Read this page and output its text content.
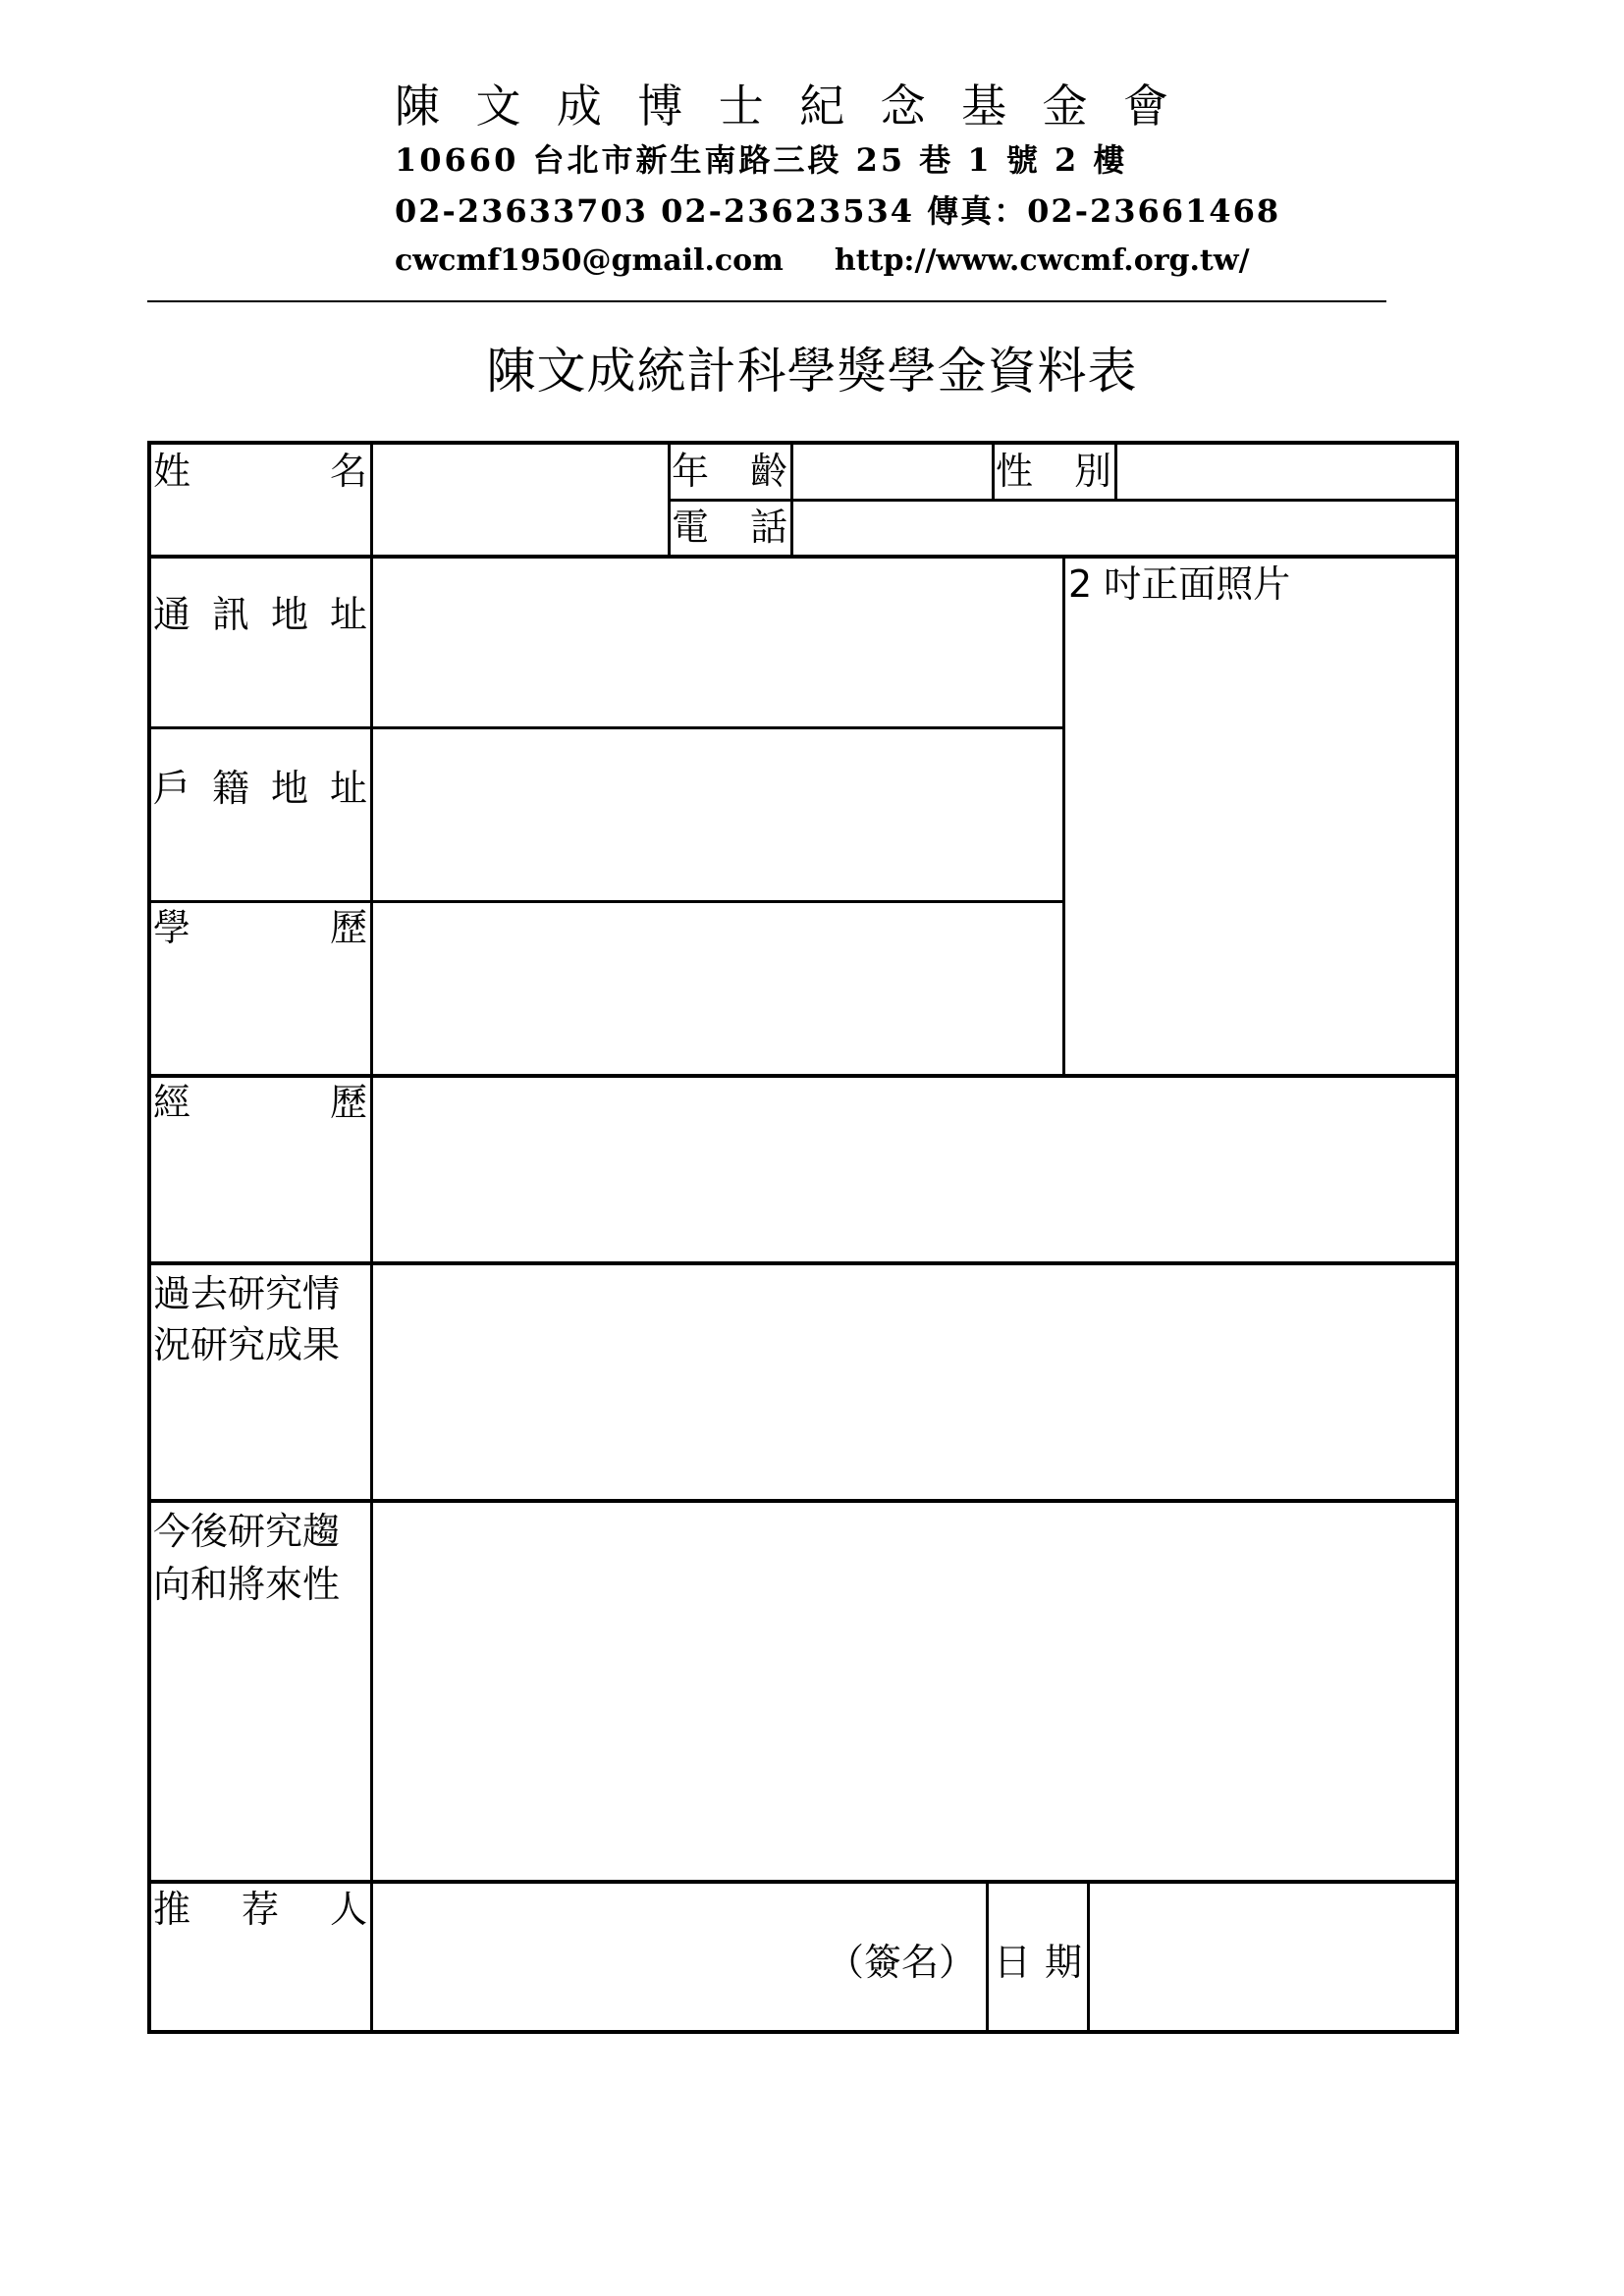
陳 文 成 博 士 紀 念 基 金 會
10660 台北市新生南路三段 25 巷 1 號 2 樓
02-23633703 02-23623534 傳真：02-23661468
cwcmf1950@gmail.com http://www.cwcmf.org.tw/
陳文成統計科學獎學金資料表
姓	名	年 齡	性 別
電 話
通 訊 地 址
2 吋正面照片
戶 籍 地 址
學	歷
經	歷
過去研究情況研究成果
今後研究趨向和將來性
推 荐 人
（簽名） 日 期
